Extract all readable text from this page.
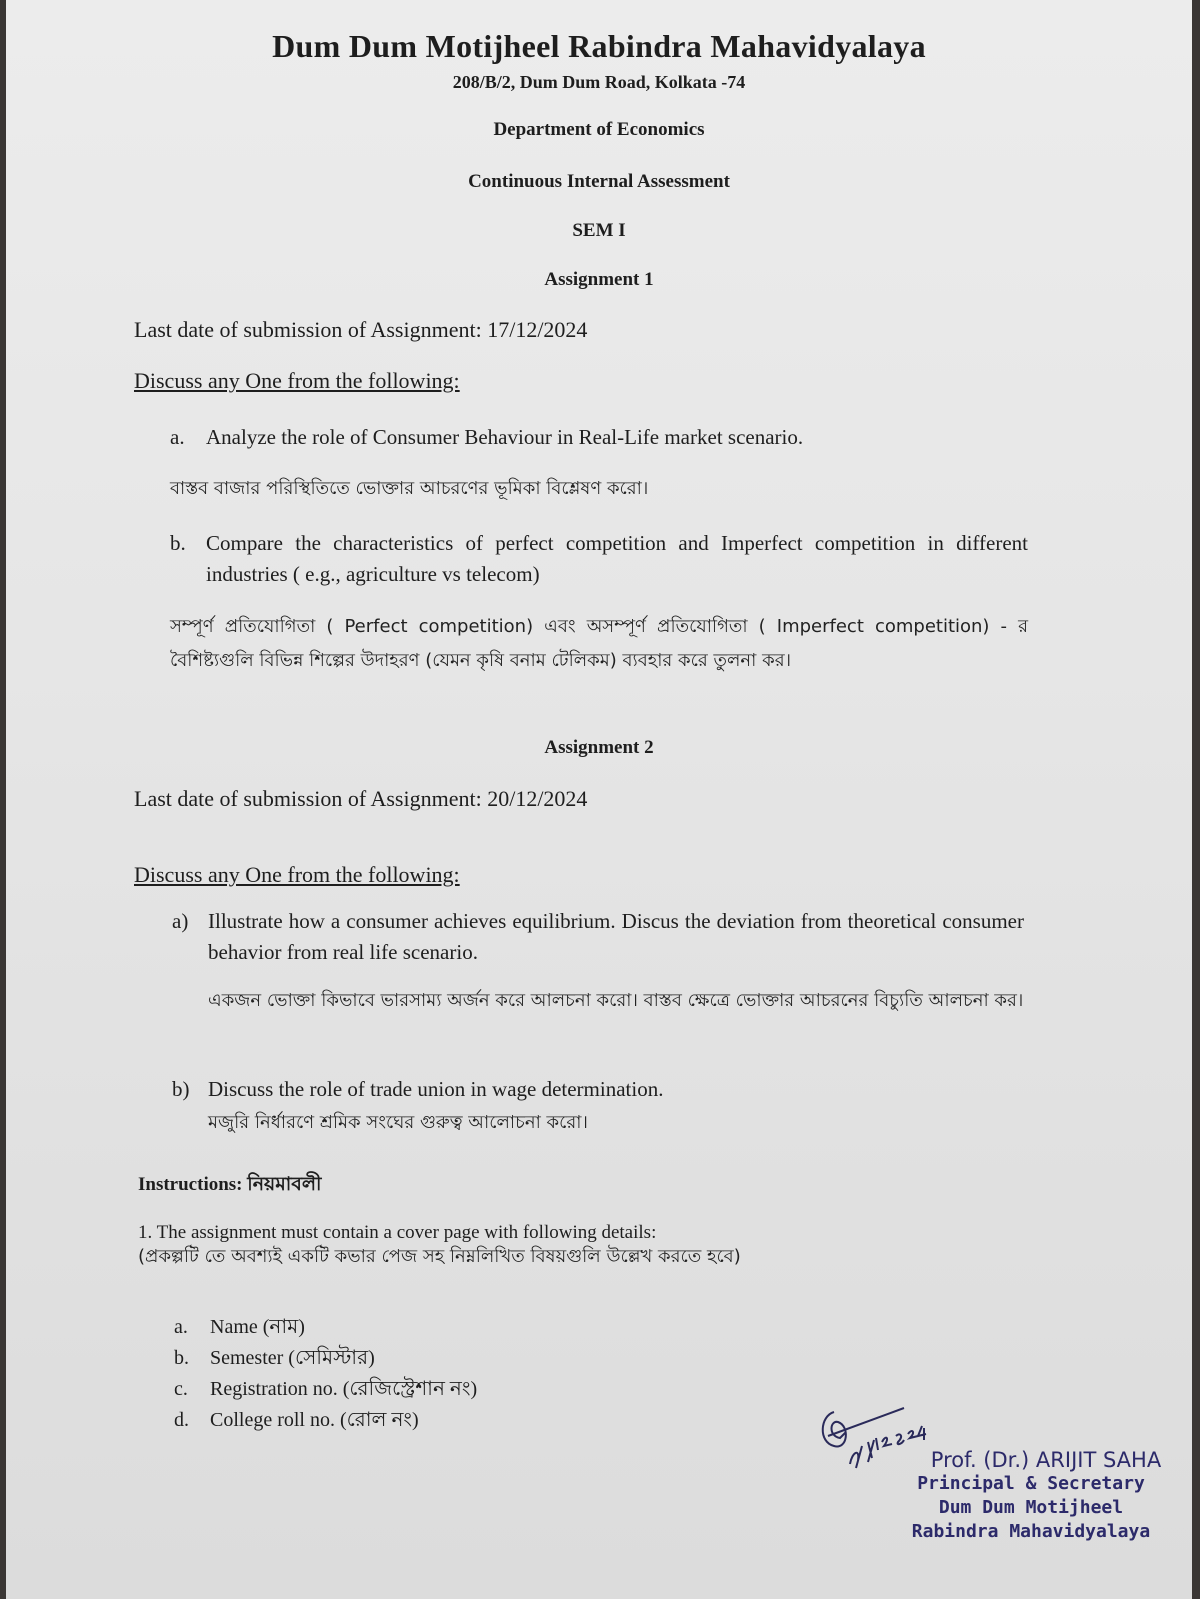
Dum Dum Motijheel Rabindra Mahavidyalaya
208/B/2, Dum Dum Road, Kolkata -74
Department of Economics
Continuous Internal Assessment
SEM I
Assignment 1
Last date of submission of Assignment: 17/12/2024
Discuss any One from the following:
a. Analyze the role of Consumer Behaviour in Real-Life market scenario.
বাস্তব বাজার পরিস্থিতিতে ভোক্তার আচরণের ভূমিকা বিশ্লেষণ করো।
b. Compare the characteristics of perfect competition and Imperfect competition in different industries ( e.g., agriculture vs telecom)
সম্পূর্ণ প্রতিযোগিতা ( Perfect competition) এবং অসম্পূর্ণ প্রতিযোগিতা ( Imperfect competition) - র বৈশিষ্ট্যগুলি বিভিন্ন শিল্পের উদাহরণ (যেমন কৃষি বনাম টেলিকম) ব্যবহার করে তুলনা কর।
Assignment 2
Last date of submission of Assignment: 20/12/2024
Discuss any One from the following:
a) Illustrate how a consumer achieves equilibrium. Discus the deviation from theoretical consumer behavior from real life scenario.
একজন ভোক্তা কিভাবে ভারসাম্য অর্জন করে আলচনা করো। বাস্তব ক্ষেত্রে ভোক্তার আচরনের বিচ্যুতি আলচনা কর।
b) Discuss the role of trade union in wage determination.
মজুরি নির্ধারণে শ্রমিক সংঘের গুরুত্ব আলোচনা করো।
Instructions: নিয়মাবলী
1. The assignment must contain a cover page with following details:
(প্রকল্পটি তে অবশ্যই একটি কভার পেজ সহ নিম্নলিখিত বিষয়গুলি উল্লেখ করতে হবে)
a. Name (নাম)
b. Semester (সেমিস্টার)
c. Registration no. (রেজিস্ট্রেশান নং)
d. College roll no. (রোল নং)
Prof. (Dr.) ARIJIT SAHA
Principal & Secretary
Dum Dum Motijheel
Rabindra Mahavidyalaya
